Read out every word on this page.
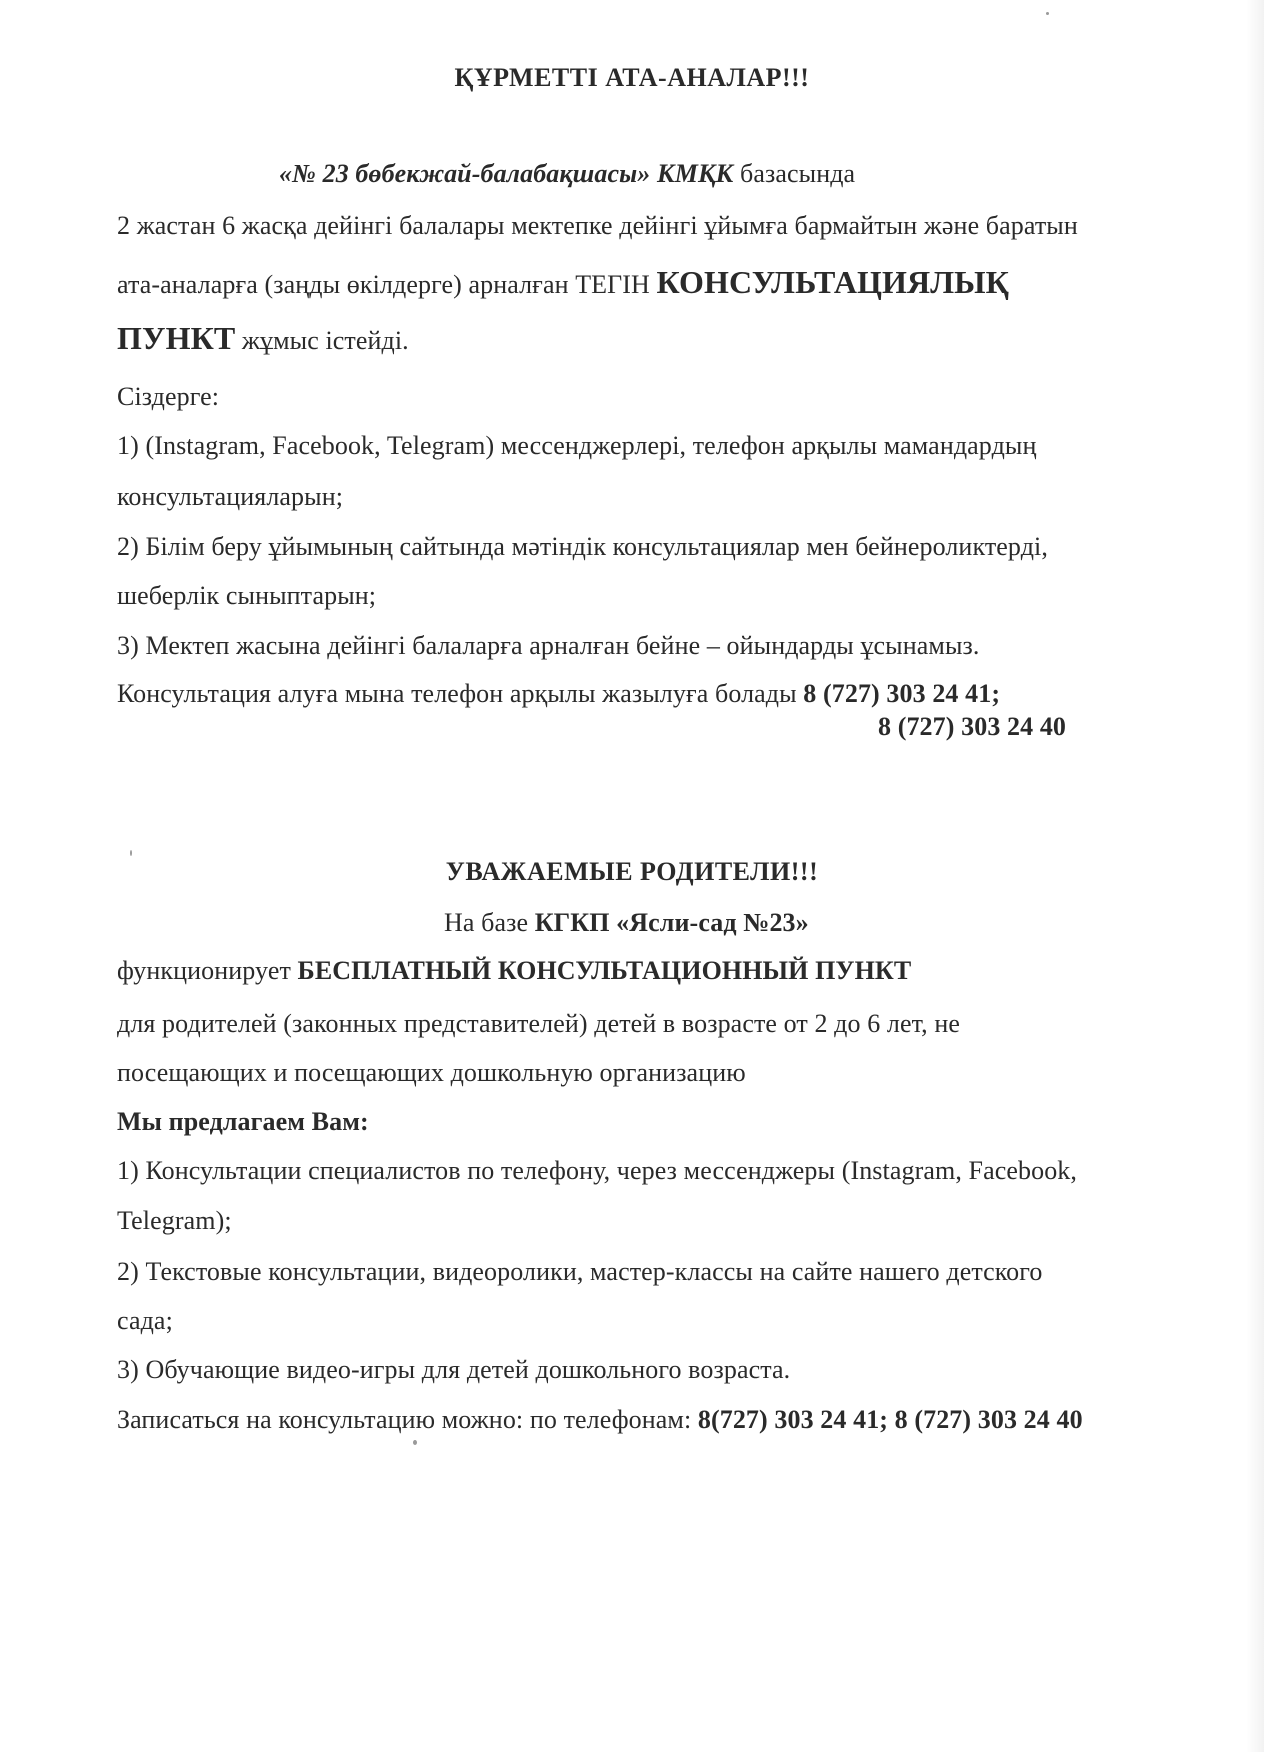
ҚҰРМЕТТІ АТА-АНАЛАР!!!
«№ 23 бөбекжай-балабақшасы» КМҚК базасында
2 жастан 6 жасқа дейінгі балалары мектепке дейінгі ұйымға бармайтын және баратын
ата-аналарға (заңды өкілдерге) арналған ТЕГІН КОНСУЛЬТАЦИЯЛЫҚ
ПУНКТ жұмыс істейді.
Сіздерге:
1) (Instagram, Facebook, Telegram) мессенджерлері, телефон арқылы мамандардың
консультацияларын;
2) Білім беру ұйымының сайтында мәтіндік консультациялар мен бейнероликтерді,
шеберлік сыныптарын;
3) Мектеп жасына дейінгі балаларға арналған бейне – ойындарды ұсынамыз.
Консультация алуға мына телефон арқылы жазылуға болады 8 (727) 303 24 41;
8 (727) 303 24 40
УВАЖАЕМЫЕ РОДИТЕЛИ!!!
На базе КГКП «Ясли-сад №23»
функционирует БЕСПЛАТНЫЙ КОНСУЛЬТАЦИОННЫЙ ПУНКТ
для родителей (законных представителей) детей в возрасте от 2 до 6 лет, не
посещающих и посещающих дошкольную организацию
Мы предлагаем Вам:
1) Консультации специалистов по телефону, через мессенджеры (Instagram, Facebook,
Telegram);
2) Текстовые консультации, видеоролики, мастер-классы на сайте нашего детского
сада;
3) Обучающие видео-игры для детей дошкольного возраста.
Записаться на консультацию можно: по телефонам: 8(727) 303 24 41; 8 (727) 303 24 40
